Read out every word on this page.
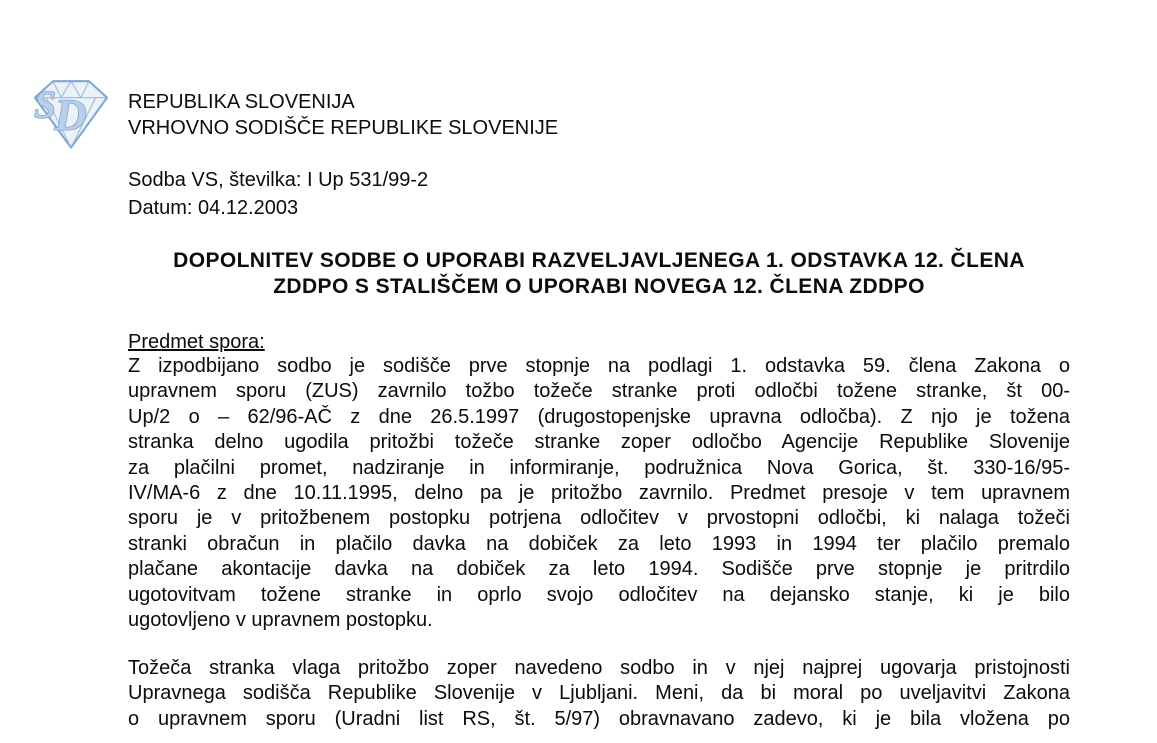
S
D REPUBLIKA SLOVENIJA
VRHOVNO SODIŠČE REPUBLIKE SLOVENIJE
Sodba VS, številka: I Up 531/99-2
Datum: 04.12.2003
DOPOLNITEV SODBE O UPORABI RAZVELJAVLJENEGA 1. ODSTAVKA 12. ČLENA
ZDDPO S STALIŠČEM O UPORABI NOVEGA 12. ČLENA ZDDPO
Predmet spora:
Z izpodbijano sodbo je sodišče prve stopnje na podlagi 1. odstavka 59. člena Zakona o
upravnem sporu (ZUS) zavrnilo tožbo tožeče stranke proti odločbi tožene stranke, št 00-
Up/2 o – 62/96-AČ z dne 26.5.1997 (drugostopenjske upravna odločba). Z njo je tožena
stranka delno ugodila pritožbi tožeče stranke zoper odločbo Agencije Republike Slovenije
za plačilni promet, nadziranje in informiranje, podružnica Nova Gorica, št. 330-16/95-
IV/MA-6 z dne 10.11.1995, delno pa je pritožbo zavrnilo. Predmet presoje v tem upravnem
sporu je v pritožbenem postopku potrjena odločitev v prvostopni odločbi, ki nalaga tožeči
stranki obračun in plačilo davka na dobiček za leto 1993 in 1994 ter plačilo premalo
plačane akontacije davka na dobiček za leto 1994. Sodišče prve stopnje je pritrdilo
ugotovitvam tožene stranke in oprlo svojo odločitev na dejansko stanje, ki je bilo
ugotovljeno v upravnem postopku.
Tožeča stranka vlaga pritožbo zoper navedeno sodbo in v njej najprej ugovarja pristojnosti
Upravnega sodišča Republike Slovenije v Ljubljani. Meni, da bi moral po uveljavitvi Zakona
o upravnem sporu (Uradni list RS, št. 5/97) obravnavano zadevo, ki je bila vložena po
